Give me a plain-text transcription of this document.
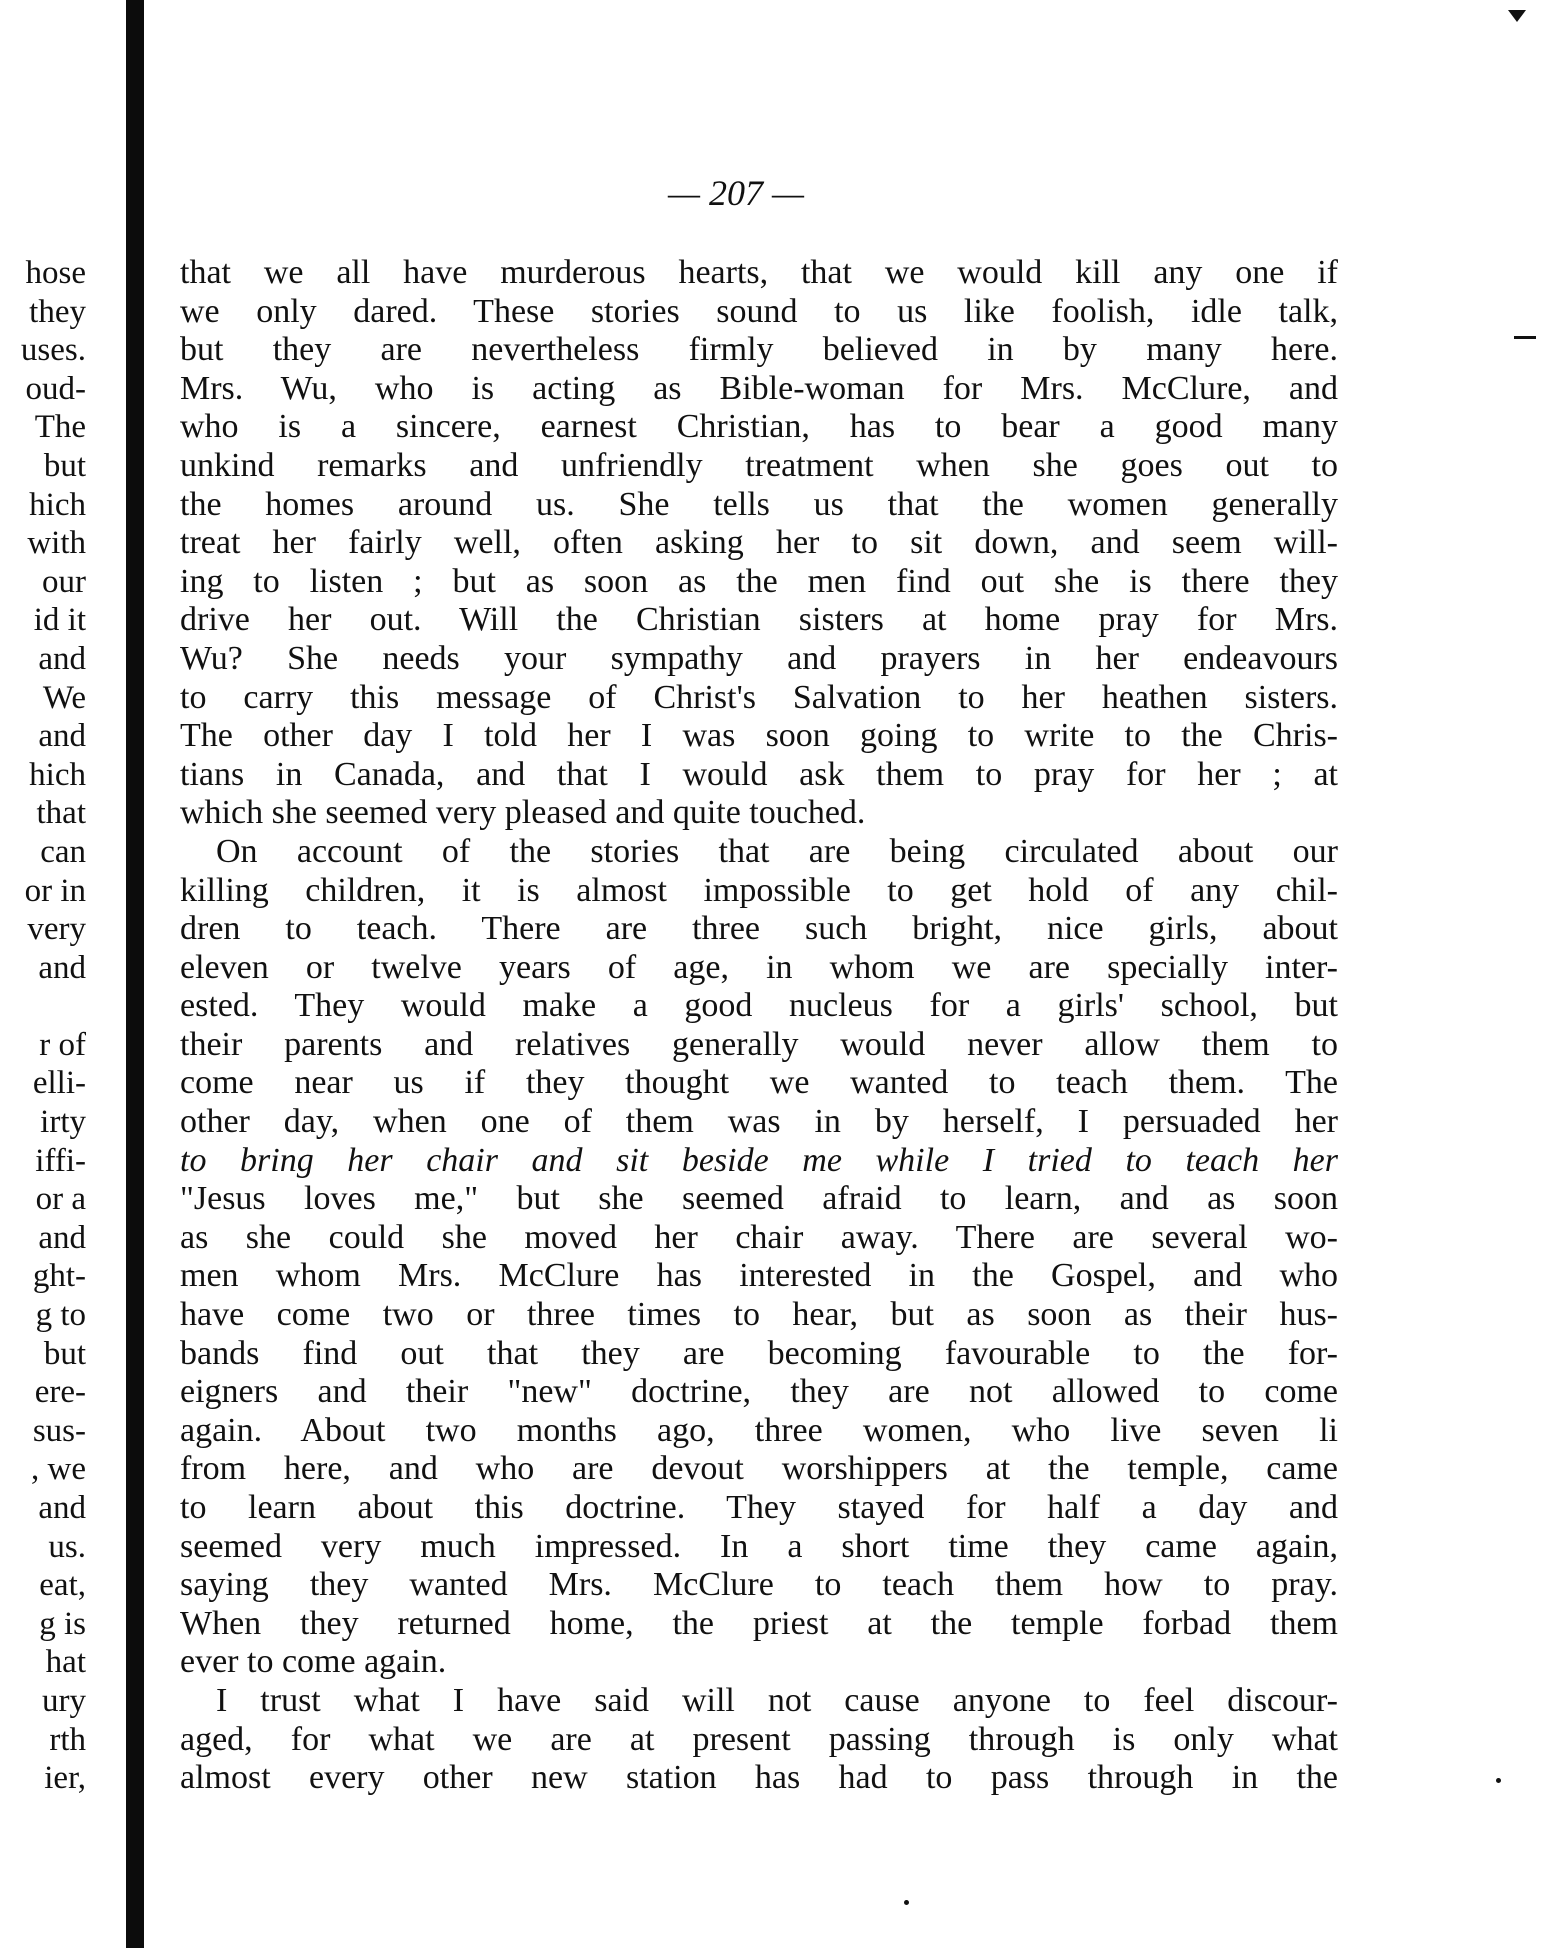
hose
they
uses.
oud-
The
but
hich
with
our
id it
and
We
and
hich
that
can
or in
very
and
r of
elli-
irty
iffi-
or a
and
ght-
g to
but
ere-
sus-
, we
and
us.
eat,
g is
hat
ury
rth
ier,
— 207 —
that we all have murderous hearts, that we would kill any one if
we only dared. These stories sound to us like foolish, idle talk,
but they are nevertheless firmly believed in by many here.
Mrs. Wu, who is acting as Bible-woman for Mrs. McClure, and
who is a sincere, earnest Christian, has to bear a good many
unkind remarks and unfriendly treatment when she goes out to
the homes around us. She tells us that the women generally
treat her fairly well, often asking her to sit down, and seem will-
ing to listen ; but as soon as the men find out she is there they
drive her out. Will the Christian sisters at home pray for Mrs.
Wu? She needs your sympathy and prayers in her endeavours
to carry this message of Christ's Salvation to her heathen sisters.
The other day I told her I was soon going to write to the Chris-
tians in Canada, and that I would ask them to pray for her ; at
which she seemed very pleased and quite touched.
On account of the stories that are being circulated about our
killing children, it is almost impossible to get hold of any chil-
dren to teach. There are three such bright, nice girls, about
eleven or twelve years of age, in whom we are specially inter-
ested. They would make a good nucleus for a girls' school, but
their parents and relatives generally would never allow them to
come near us if they thought we wanted to teach them. The
other day, when one of them was in by herself, I persuaded her
to bring her chair and sit beside me while I tried to teach her
"Jesus loves me," but she seemed afraid to learn, and as soon
as she could she moved her chair away. There are several wo-
men whom Mrs. McClure has interested in the Gospel, and who
have come two or three times to hear, but as soon as their hus-
bands find out that they are becoming favourable to the for-
eigners and their "new" doctrine, they are not allowed to come
again. About two months ago, three women, who live seven li
from here, and who are devout worshippers at the temple, came
to learn about this doctrine. They stayed for half a day and
seemed very much impressed. In a short time they came again,
saying they wanted Mrs. McClure to teach them how to pray.
When they returned home, the priest at the temple forbad them
ever to come again.
I trust what I have said will not cause anyone to feel discour-
aged, for what we are at present passing through is only what
almost every other new station has had to pass through in the
